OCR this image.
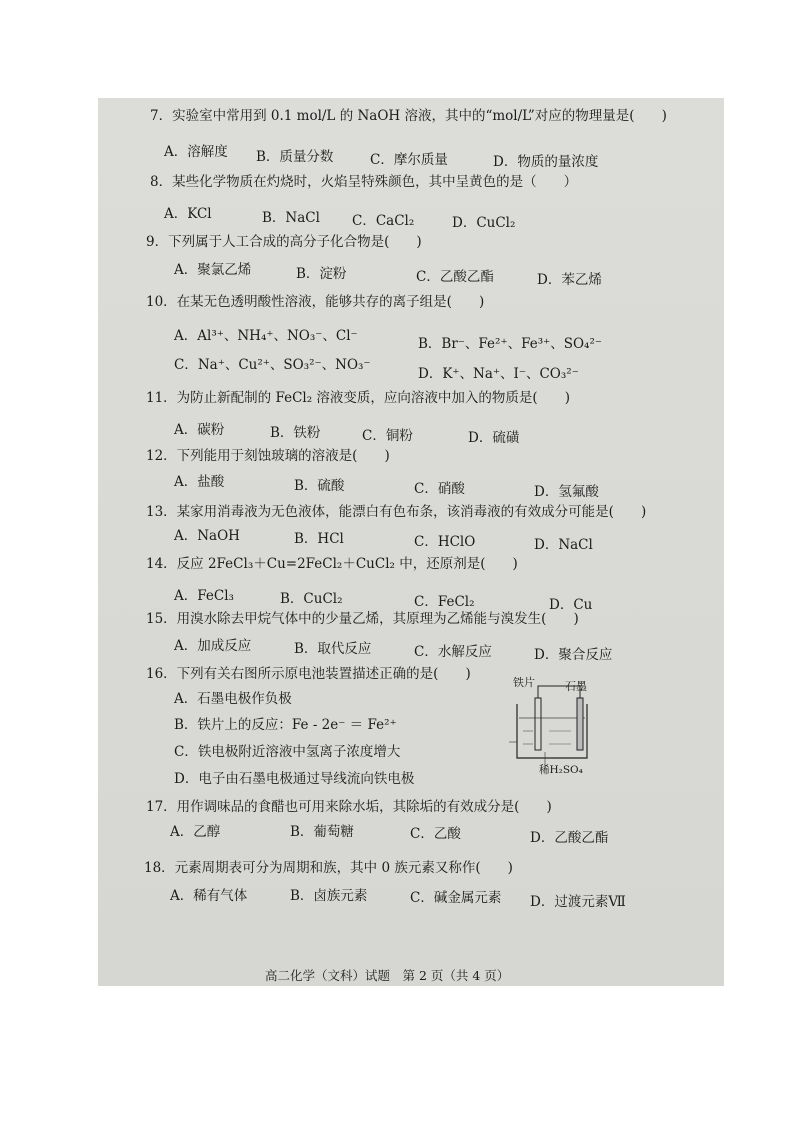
7．实验室中常用到 0.1 mol/L 的 NaOH 溶液，其中的“mol/L”对应的物理量是(　　)
A．溶解度 B．质量分数	C．摩尔质量	D．物质的量浓度
8．某些化学物质在灼烧时，火焰呈特殊颜色，其中呈黄色的是（　　）
A．KCl	B．NaCl C．CaCl₂	D．CuCl₂
9．下列属于人工合成的高分子化合物是(　　)
A．聚氯乙烯	B．淀粉	C．乙酸乙酯	D．苯乙烯
10．在某无色透明酸性溶液，能够共存的离子组是(　　)
A．Al³⁺、NH₄⁺、NO₃⁻、Cl⁻	B．Br⁻、Fe²⁺、Fe³⁺、SO₄²⁻
C．Na⁺、Cu²⁺、SO₃²⁻、NO₃⁻
D．K⁺、Na⁺、I⁻、CO₃²⁻
11．为防止新配制的 FeCl₂ 溶液变质，应向溶液中加入的物质是(　　)
A．碳粉	B．铁粉	C．铜粉	D．硫磺
12．下列能用于刻蚀玻璃的溶液是(　　)
A．盐酸	B．硫酸	C．硝酸	D．氢氟酸
13．某家用消毒液为无色液体，能漂白有色布条，该消毒液的有效成分可能是(　　)
A．NaOH	B．HCl	C．HClO	D．NaCl
14．反应 2FeCl₃＋Cu=2FeCl₂＋CuCl₂ 中，还原剂是(　　)
A．FeCl₃	B．CuCl₂	C．FeCl₂	D．Cu
15．用溴水除去甲烷气体中的少量乙烯，其原理为乙烯能与溴发生(　　)
A．加成反应	B．取代反应	C．水解反应	D．聚合反应
16．下列有关右图所示原电池装置描述正确的是(　　)
A．石墨电极作负极
B．铁片上的反应：Fe - 2e⁻ ＝ Fe²⁺
C．铁电极附近溶液中氢离子浓度增大
D．电子由石墨电极通过导线流向铁电极
铁片	石墨
稀H₂SO₄
17．用作调味品的食醋也可用来除水垢，其除垢的有效成分是(　　)
A．乙醇	B．葡萄糖	C．乙酸	D．乙酸乙酯
18．元素周期表可分为周期和族，其中 0 族元素又称作(　　)
A．稀有气体	B．卤族元素	C．碱金属元素 D．过渡元素Ⅶ
高二化学（文科）试题　第 2 页（共 4 页）
